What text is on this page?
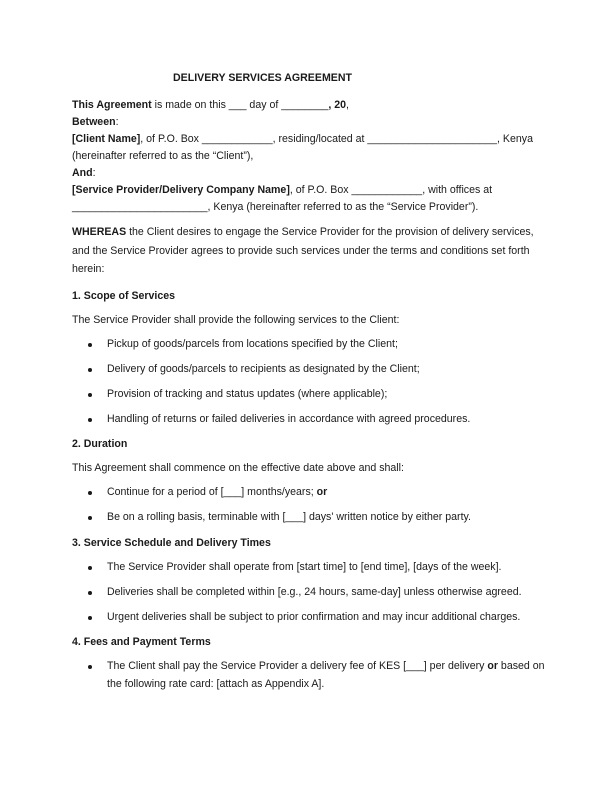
DELIVERY SERVICES AGREEMENT
This Agreement is made on this ___ day of ________, 20,
Between:
[Client Name], of P.O. Box ____________, residing/located at ______________________, Kenya
(hereinafter referred to as the “Client”),
And:
[Service Provider/Delivery Company Name], of P.O. Box ____________, with offices at
_______________________, Kenya (hereinafter referred to as the “Service Provider”).

WHEREAS the Client desires to engage the Service Provider for the provision of delivery services, and the Service Provider agrees to provide such services under the terms and conditions set forth herein:

1. Scope of Services
The Service Provider shall provide the following services to the Client:
Pickup of goods/parcels from locations specified by the Client;
Delivery of goods/parcels to recipients as designated by the Client;
Provision of tracking and status updates (where applicable);
Handling of returns or failed deliveries in accordance with agreed procedures.
2. Duration
This Agreement shall commence on the effective date above and shall:
Continue for a period of [___] months/years; or
Be on a rolling basis, terminable with [___] days' written notice by either party.
3. Service Schedule and Delivery Times
The Service Provider shall operate from [start time] to [end time], [days of the week].
Deliveries shall be completed within [e.g., 24 hours, same-day] unless otherwise agreed.
Urgent deliveries shall be subject to prior confirmation and may incur additional charges.
4. Fees and Payment Terms
The Client shall pay the Service Provider a delivery fee of KES [___] per delivery or based on the following rate card: [attach as Appendix A].
